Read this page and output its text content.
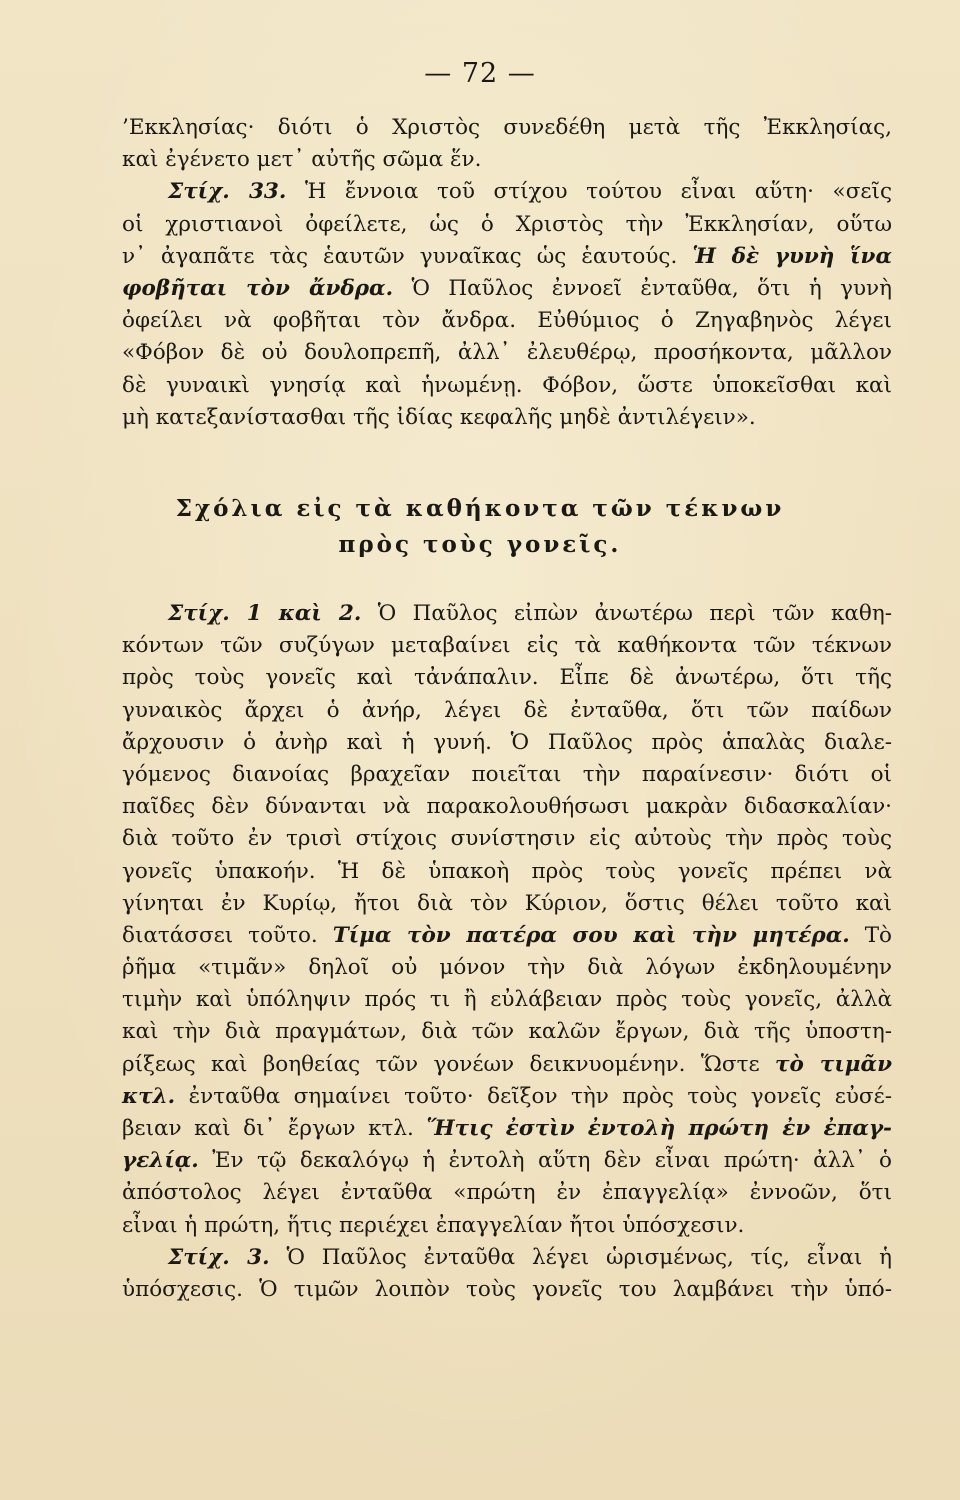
— 72 —
’Εκκλησίας· διότι ὁ Χριστὸς συνεδέθη μετὰ τῆς Ἐκκλησίας,
καὶ ἐγένετο μετ᾽ αὐτῆς σῶμα ἕν.
Στίχ. 33. Ἡ ἔννοια τοῦ στίχου τούτου εἶναι αὕτη· «σεῖς
οἱ χριστιανοὶ ὀφείλετε, ὡς ὁ Χριστὸς τὴν Ἐκκλησίαν, οὕτω
ν᾽ ἀγαπᾶτε τὰς ἑαυτῶν γυναῖκας ὡς ἑαυτούς. Ἡ δὲ γυνὴ ἵνα
φοβῆται τὸν ἄνδρα. Ὁ Παῦλος ἐννοεῖ ἐνταῦθα, ὅτι ἡ γυνὴ
ὀφείλει νὰ φοβῆται τὸν ἄνδρα. Εὐθύμιος ὁ Ζηγαβηνὸς λέγει
«Φόβον δὲ οὐ δουλοπρεπῆ, ἀλλ᾽ ἐλευθέρῳ, προσήκοντα, μᾶλλον
δὲ γυναικὶ γνησίᾳ καὶ ἡνωμένῃ. Φόβον, ὥστε ὑποκεῖσθαι καὶ
μὴ κατεξανίστασθαι τῆς ἰδίας κεφαλῆς μηδὲ ἀντιλέγειν».
Σχόλια εἰς τὰ καθήκοντα τῶν τέκνων
πρὸς τοὺς γονεῖς.
Στίχ. 1 καὶ 2. Ὁ Παῦλος εἰπὼν ἀνωτέρω περὶ τῶν καθη-
κόντων τῶν συζύγων μεταβαίνει εἰς τὰ καθήκοντα τῶν τέκνων
πρὸς τοὺς γονεῖς καὶ τἀνάπαλιν. Εἶπε δὲ ἀνωτέρω, ὅτι τῆς
γυναικὸς ἄρχει ὁ ἀνήρ, λέγει δὲ ἐνταῦθα, ὅτι τῶν παίδων
ἄρχουσιν ὁ ἀνὴρ καὶ ἡ γυνή. Ὁ Παῦλος πρὸς ἁπαλὰς διαλε-
γόμενος διανοίας βραχεῖαν ποιεῖται τὴν παραίνεσιν· διότι οἱ
παῖδες δὲν δύνανται νὰ παρακολουθήσωσι μακρὰν διδασκαλίαν·
διὰ τοῦτο ἐν τρισὶ στίχοις συνίστησιν εἰς αὐτοὺς τὴν πρὸς τοὺς
γονεῖς ὑπακοήν. Ἡ δὲ ὑπακοὴ πρὸς τοὺς γονεῖς πρέπει νὰ
γίνηται ἐν Κυρίῳ, ἤτοι διὰ τὸν Κύριον, ὅστις θέλει τοῦτο καὶ
διατάσσει τοῦτο. Τίμα τὸν πατέρα σου καὶ τὴν μητέρα. Τὸ
ῥῆμα «τιμᾶν» δηλοῖ οὐ μόνον τὴν διὰ λόγων ἐκδηλουμένην
τιμὴν καὶ ὑπόληψιν πρός τι ἢ εὐλάβειαν πρὸς τοὺς γονεῖς, ἀλλὰ
καὶ τὴν διὰ πραγμάτων, διὰ τῶν καλῶν ἔργων, διὰ τῆς ὑποστη-
ρίξεως καὶ βοηθείας τῶν γονέων δεικνυομένην. Ὥστε τὸ τιμᾶν
κτλ. ἐνταῦθα σημαίνει τοῦτο· δεῖξον τὴν πρὸς τοὺς γονεῖς εὐσέ-
βειαν καὶ δι᾽ ἔργων κτλ. Ἥτις ἐστὶν ἐντολὴ πρώτη ἐν ἐπαγ-
γελίᾳ. Ἐν τῷ δεκαλόγῳ ἡ ἐντολὴ αὕτη δὲν εἶναι πρώτη· ἀλλ᾽ ὁ
ἀπόστολος λέγει ἐνταῦθα «πρώτη ἐν ἐπαγγελίᾳ» ἐννοῶν, ὅτι
εἶναι ἡ πρώτη, ἥτις περιέχει ἐπαγγελίαν ἤτοι ὑπόσχεσιν.
Στίχ. 3. Ὁ Παῦλος ἐνταῦθα λέγει ὡρισμένως, τίς, εἶναι ἡ
ὑπόσχεσις. Ὁ τιμῶν λοιπὸν τοὺς γονεῖς του λαμβάνει τὴν ὑπό-
